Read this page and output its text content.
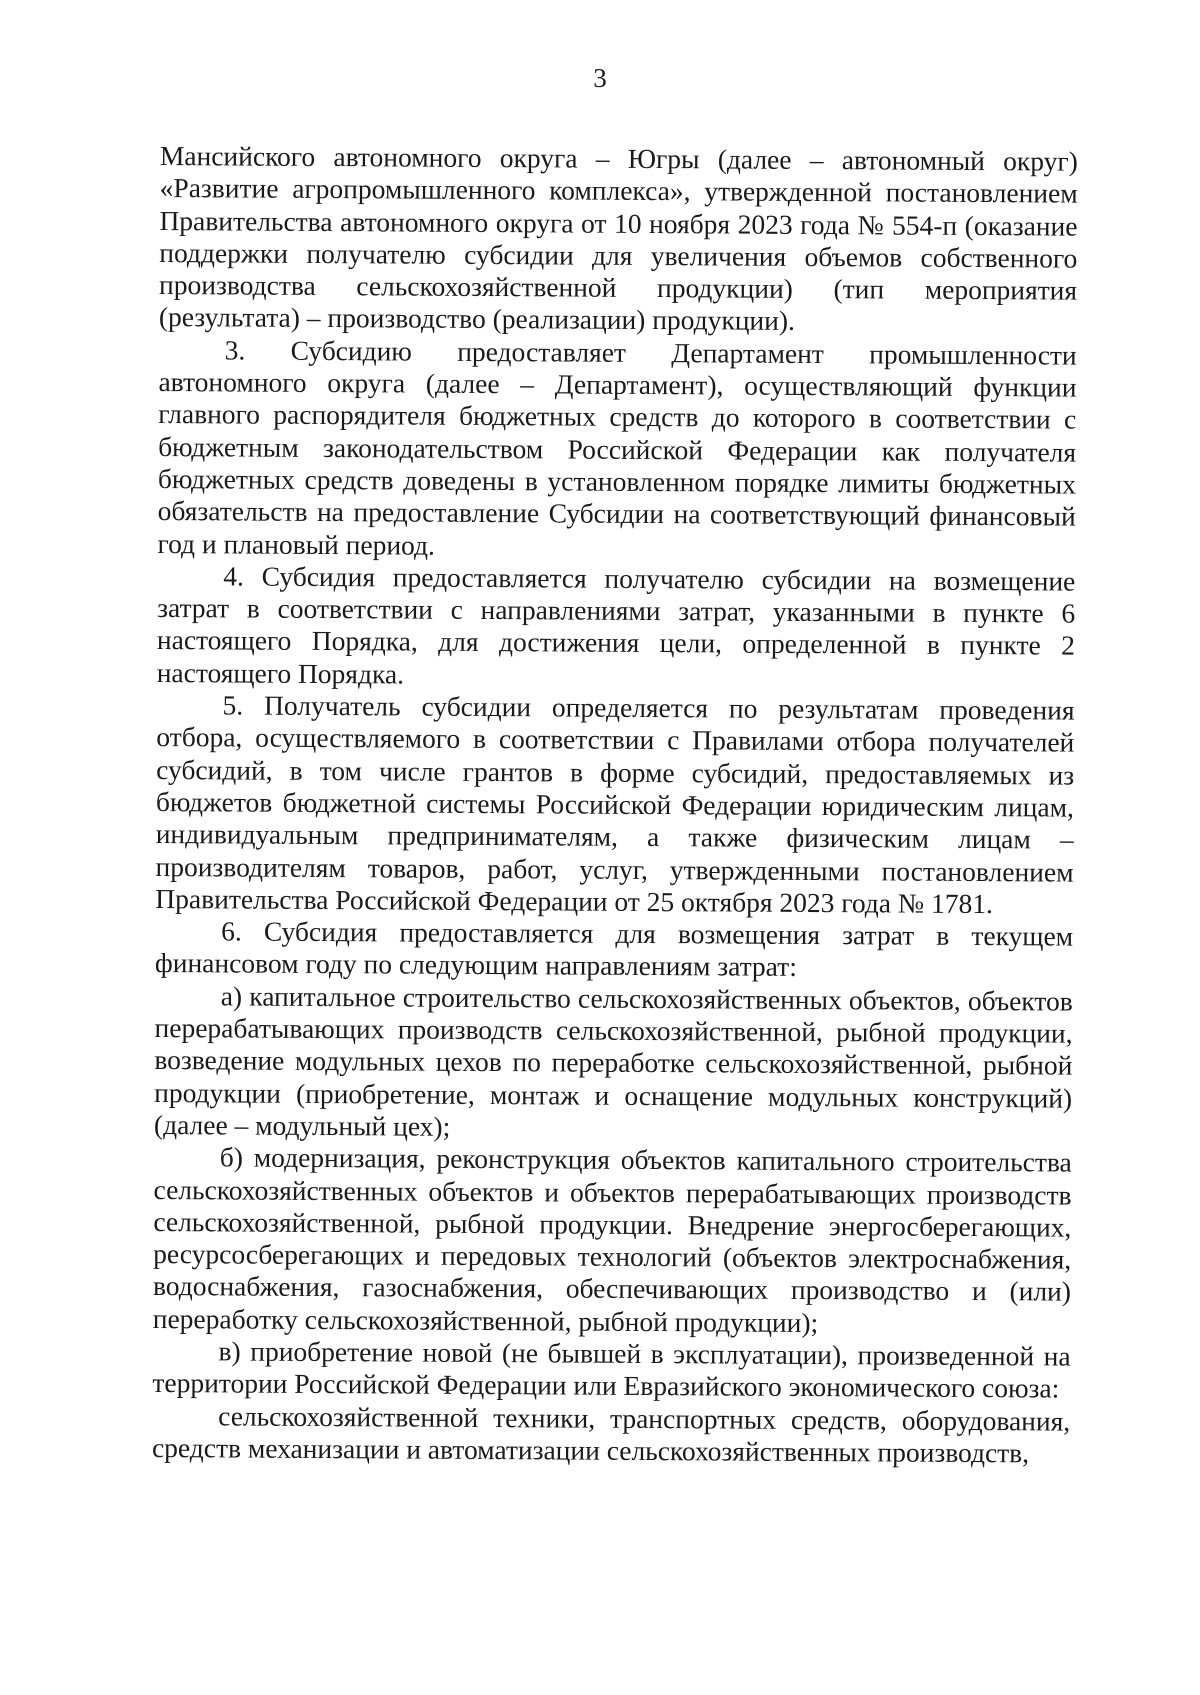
3

Мансийского автономного округа – Югры (далее – автономный округ) «Развитие агропромышленного комплекса», утвержденной постановлением Правительства автономного округа от 10 ноября 2023 года № 554-п (оказание поддержки получателю субсидии для увеличения объемов собственного производства сельскохозяйственной продукции) (тип мероприятия (результата) – производство (реализации) продукции).

3. Субсидию предоставляет Департамент промышленности автономного округа (далее – Департамент), осуществляющий функции главного распорядителя бюджетных средств до которого в соответствии с бюджетным законодательством Российской Федерации как получателя бюджетных средств доведены в установленном порядке лимиты бюджетных обязательств на предоставление Субсидии на соответствующий финансовый год и плановый период.

4. Субсидия предоставляется получателю субсидии на возмещение затрат в соответствии с направлениями затрат, указанными в пункте 6 настоящего Порядка, для достижения цели, определенной в пункте 2 настоящего Порядка.

5. Получатель субсидии определяется по результатам проведения отбора, осуществляемого в соответствии с Правилами отбора получателей субсидий, в том числе грантов в форме субсидий, предоставляемых из бюджетов бюджетной системы Российской Федерации юридическим лицам, индивидуальным предпринимателям, а также физическим лицам – производителям товаров, работ, услуг, утвержденными постановлением Правительства Российской Федерации от 25 октября 2023 года № 1781.

6. Субсидия предоставляется для возмещения затрат в текущем финансовом году по следующим направлениям затрат:

а) капитальное строительство сельскохозяйственных объектов, объектов перерабатывающих производств сельскохозяйственной, рыбной продукции, возведение модульных цехов по переработке сельскохозяйственной, рыбной продукции (приобретение, монтаж и оснащение модульных конструкций) (далее – модульный цех);

б) модернизация, реконструкция объектов капитального строительства сельскохозяйственных объектов и объектов перерабатывающих производств сельскохозяйственной, рыбной продукции. Внедрение энергосберегающих, ресурсосберегающих и передовых технологий (объектов электроснабжения, водоснабжения, газоснабжения, обеспечивающих производство и (или) переработку сельскохозяйственной, рыбной продукции);

в) приобретение новой (не бывшей в эксплуатации), произведенной на территории Российской Федерации или Евразийского экономического союза:

сельскохозяйственной техники, транспортных средств, оборудования, средств механизации и автоматизации сельскохозяйственных производств,
